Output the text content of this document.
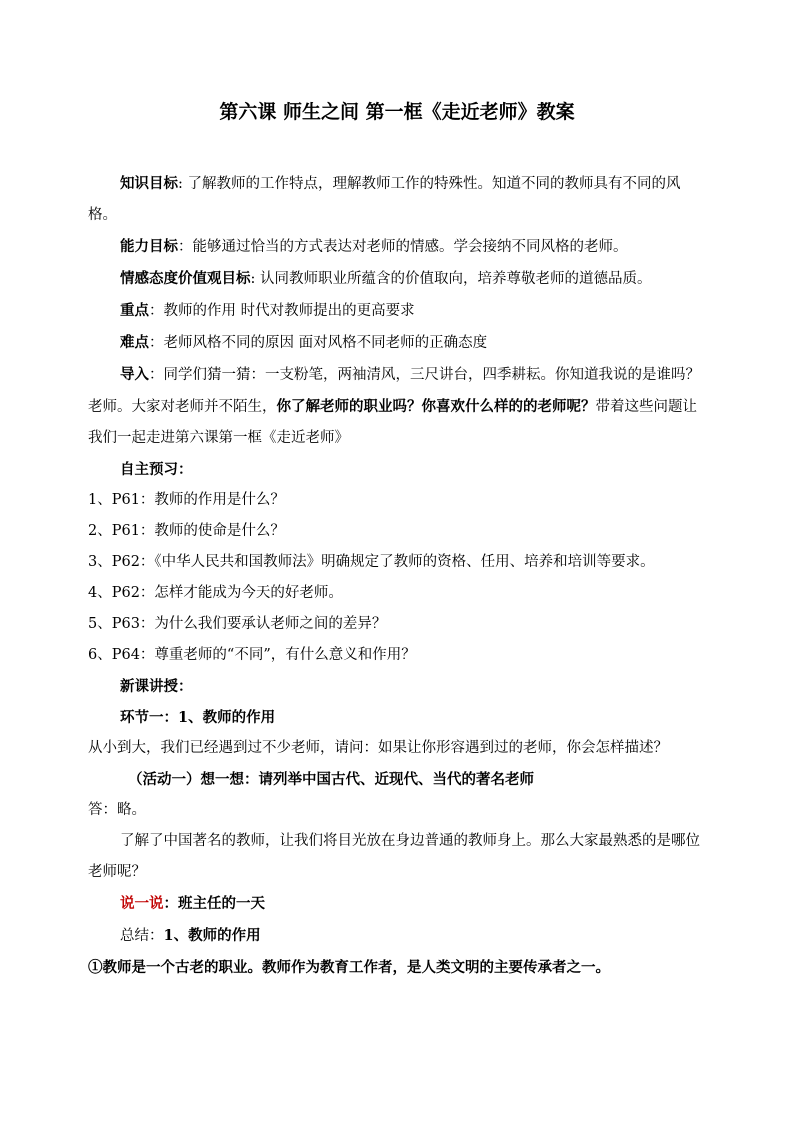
第六课 师生之间 第一框《走近老师》教案

知识目标: 了解教师的工作特点，理解教师工作的特殊性。知道不同的教师具有不同的风格。

能力目标：能够通过恰当的方式表达对老师的情感。学会接纳不同风格的老师。

情感态度价值观目标: 认同教师职业所蕴含的价值取向，培养尊敬老师的道德品质。

重点：教师的作用 时代对教师提出的更高要求

难点：老师风格不同的原因 面对风格不同老师的正确态度

导入：同学们猜一猜：一支粉笔，两袖清风，三尺讲台，四季耕耘。你知道我说的是谁吗？老师。大家对老师并不陌生，你了解老师的职业吗？你喜欢什么样的的老师呢？带着这些问题让我们一起走进第六课第一框《走近老师》

自主预习：

1、P61：教师的作用是什么？

2、P61：教师的使命是什么？

3、P62：《中华人民共和国教师法》明确规定了教师的资格、任用、培养和培训等要求。

4、P62：怎样才能成为今天的好老师。

5、P63：为什么我们要承认老师之间的差异？

6、P64：尊重老师的“不同”，有什么意义和作用？

新课讲授：

环节一：1、教师的作用

从小到大，我们已经遇到过不少老师，请问：如果让你形容遇到过的老师，你会怎样描述？

（活动一）想一想：请列举中国古代、近现代、当代的著名老师

答：略。

了解了中国著名的教师，让我们将目光放在身边普通的教师身上。那么大家最熟悉的是哪位老师呢？

说一说：班主任的一天

总结：1、教师的作用

①教师是一个古老的职业。教师作为教育工作者，是人类文明的主要传承者之一。
